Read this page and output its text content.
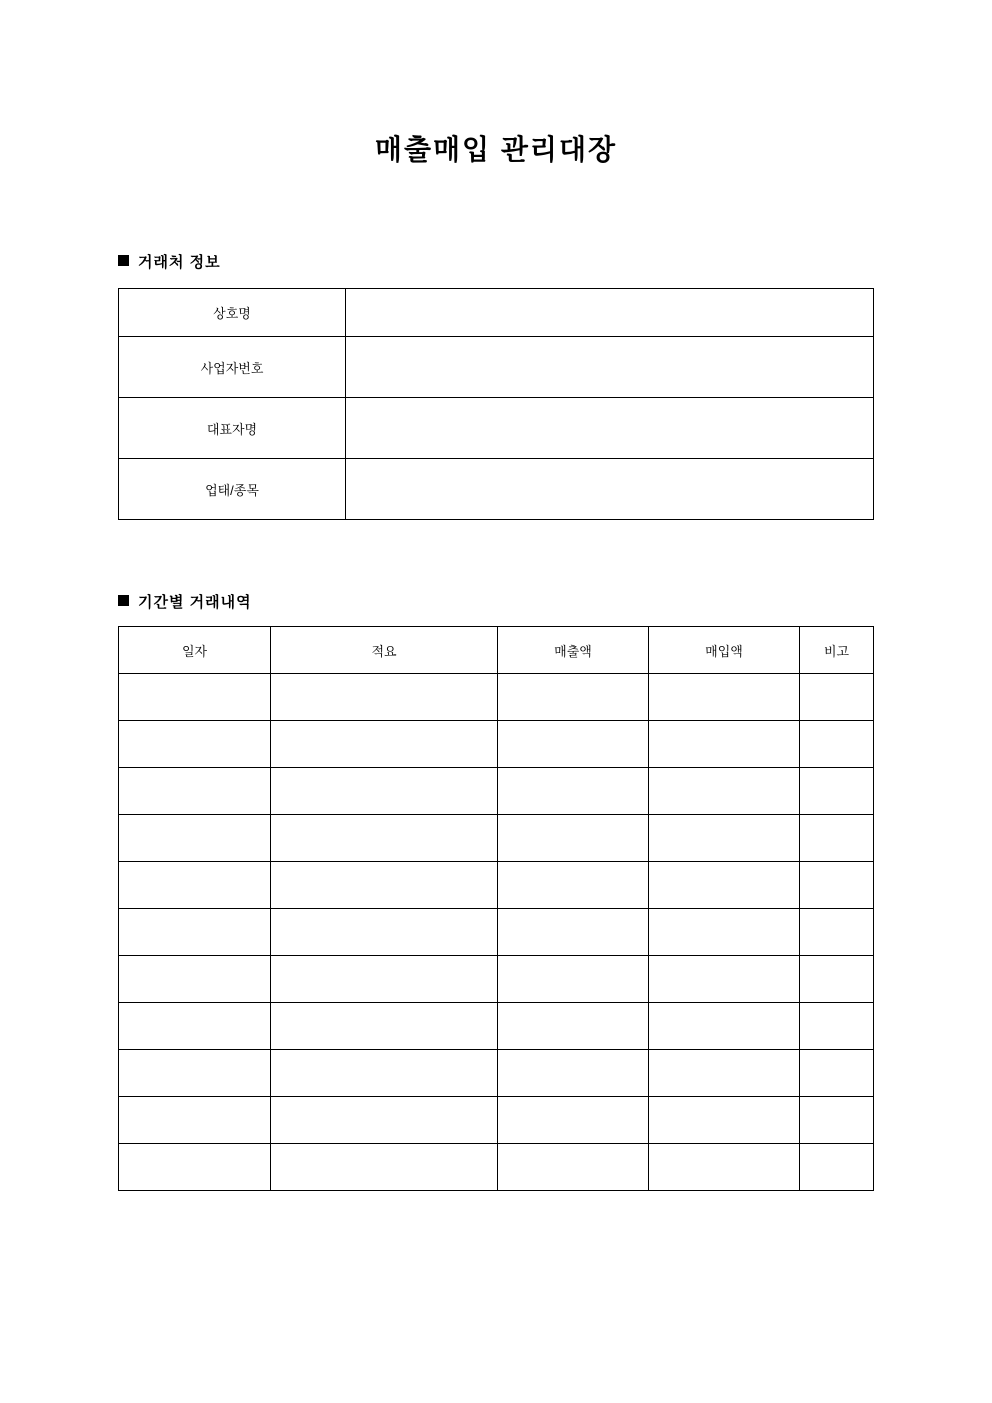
매출매입 관리대장
거래처 정보
상호명	
사업자번호	
대표자명	
업태/종목	
기간별 거래내역
일자	적요	매출액	매입액	비고
